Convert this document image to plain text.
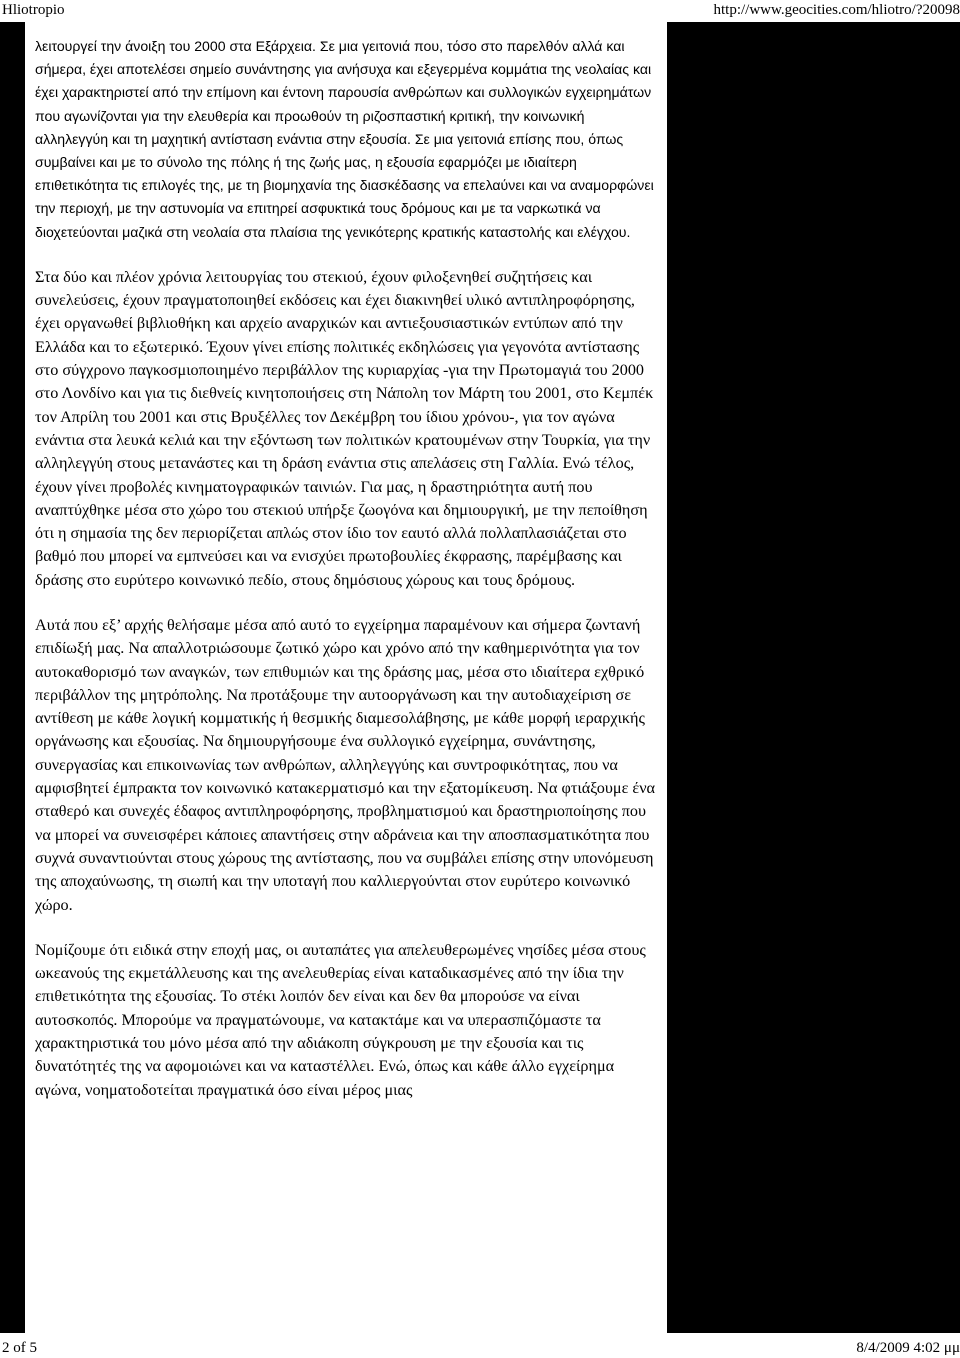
Hliotropio	http://www.geocities.com/hliotro/?20098

λειτουργεί την άνοιξη του 2000 στα Εξάρχεια. Σε μια γειτονιά που, τόσο στο παρελθόν αλλά και σήμερα, έχει αποτελέσει σημείο συνάντησης για ανήσυχα και εξεγερμένα κομμάτια της νεολαίας και έχει χαρακτηριστεί από την επίμονη και έντονη παρουσία ανθρώπων και συλλογικών εγχειρημάτων που αγωνίζονται για την ελευθερία και προωθούν τη ριζοσπαστική κριτική, την κοινωνική αλληλεγγύη και τη μαχητική αντίσταση ενάντια στην εξουσία. Σε μια γειτονιά επίσης που, όπως συμβαίνει και με το σύνολο της πόλης ή της ζωής μας, η εξουσία εφαρμόζει με ιδιαίτερη επιθετικότητα τις επιλογές της, με τη βιομηχανία της διασκέδασης να επελαύνει και να αναμορφώνει την περιοχή, με την αστυνομία να επιτηρεί ασφυκτικά τους δρόμους και με τα ναρκωτικά να διοχετεύονται μαζικά στη νεολαία στα πλαίσια της γενικότερης κρατικής καταστολής και ελέγχου.

Στα δύο και πλέον χρόνια λειτουργίας του στεκιού, έχουν φιλοξενηθεί συζητήσεις και συνελεύσεις, έχουν πραγματοποιηθεί εκδόσεις και έχει διακινηθεί υλικό αντιπληροφόρησης, έχει οργανωθεί βιβλιοθήκη και αρχείο αναρχικών και αντιεξουσιαστικών εντύπων από την Ελλάδα και το εξωτερικό. Έχουν γίνει επίσης πολιτικές εκδηλώσεις για γεγονότα αντίστασης στο σύγχρονο παγκοσμιοποιημένο περιβάλλον της κυριαρχίας -για την Πρωτομαγιά του 2000 στο Λονδίνο και για τις διεθνείς κινητοποιήσεις στη Νάπολη τον Μάρτη του 2001, στο Κεμπέκ τον Απρίλη του 2001 και στις Βρυξέλλες τον Δεκέμβρη του ίδιου χρόνου-, για τον αγώνα ενάντια στα λευκά κελιά και την εξόντωση των πολιτικών κρατουμένων στην Τουρκία, για την αλληλεγγύη στους μετανάστες και τη δράση ενάντια στις απελάσεις στη Γαλλία. Ενώ τέλος, έχουν γίνει προβολές κινηματογραφικών ταινιών. Για μας, η δραστηριότητα αυτή που αναπτύχθηκε μέσα στο χώρο του στεκιού υπήρξε ζωογόνα και δημιουργική, με την πεποίθηση ότι η σημασία της δεν περιορίζεται απλώς στον ίδιο τον εαυτό αλλά πολλαπλασιάζεται στο βαθμό που μπορεί να εμπνεύσει και να ενισχύει πρωτοβουλίες έκφρασης, παρέμβασης και δράσης στο ευρύτερο κοινωνικό πεδίο, στους δημόσιους χώρους και τους δρόμους.

Αυτά που εξ’ αρχής θελήσαμε μέσα από αυτό το εγχείρημα παραμένουν και σήμερα ζωντανή επιδίωξή μας. Να απαλλοτριώσουμε ζωτικό χώρο και χρόνο από την καθημερινότητα για τον αυτοκαθορισμό των αναγκών, των επιθυμιών και της δράσης μας, μέσα στο ιδιαίτερα εχθρικό περιβάλλον της μητρόπολης. Να προτάξουμε την αυτοοργάνωση και την αυτοδιαχείριση σε αντίθεση με κάθε λογική κομματικής ή θεσμικής διαμεσολάβησης, με κάθε μορφή ιεραρχικής οργάνωσης και εξουσίας. Να δημιουργήσουμε ένα συλλογικό εγχείρημα, συνάντησης, συνεργασίας και επικοινωνίας των ανθρώπων, αλληλεγγύης και συντροφικότητας, που να αμφισβητεί έμπρακτα τον κοινωνικό κατακερματισμό και την εξατομίκευση. Να φτιάξουμε ένα σταθερό και συνεχές έδαφος αντιπληροφόρησης, προβληματισμού και δραστηριοποίησης που να μπορεί να συνεισφέρει κάποιες απαντήσεις στην αδράνεια και την αποσπασματικότητα που συχνά συναντιούνται στους χώρους της αντίστασης, που να συμβάλει επίσης στην υπονόμευση της αποχαύνωσης, τη σιωπή και την υποταγή που καλλιεργούνται στον ευρύτερο κοινωνικό χώρο.

Νομίζουμε ότι ειδικά στην εποχή μας, οι αυταπάτες για απελευθερωμένες νησίδες μέσα στους ωκεανούς της εκμετάλλευσης και της ανελευθερίας είναι καταδικασμένες από την ίδια την επιθετικότητα της εξουσίας. Το στέκι λοιπόν δεν είναι και δεν θα μπορούσε να είναι αυτοσκοπός. Μπορούμε να πραγματώνουμε, να κατακτάμε και να υπερασπιζόμαστε τα χαρακτηριστικά του μόνο μέσα από την αδιάκοπη σύγκρουση με την εξουσία και τις δυνατότητές της να αφομοιώνει και να καταστέλλει. Ενώ, όπως και κάθε άλλο εγχείρημα αγώνα, νοηματοδοτείται πραγματικά όσο είναι μέρος μιας

2 of 5	8/4/2009 4:02 μμ
